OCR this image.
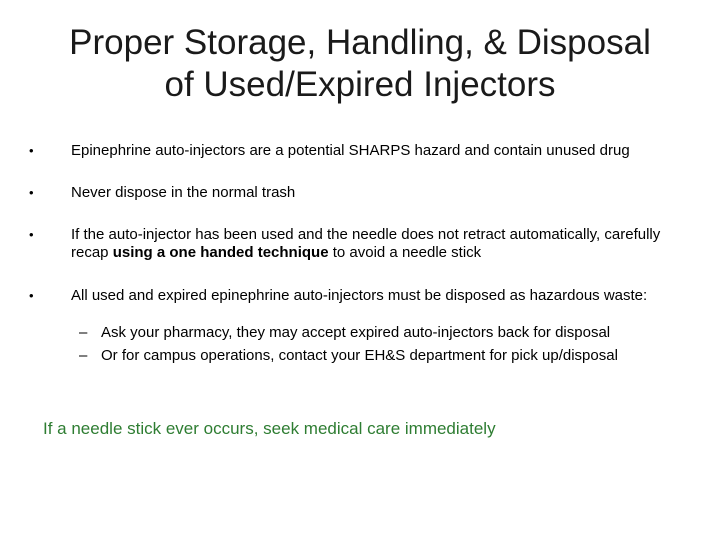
Proper Storage, Handling, & Disposal
of Used/Expired Injectors
• Epinephrine auto-injectors are a potential SHARPS hazard and contain unused drug
• Never dispose in the normal trash
• If the auto-injector has been used and the needle does not retract automatically, carefully recap using a one handed technique to avoid a needle stick
• All used and expired epinephrine auto-injectors must be disposed as hazardous waste:
– Ask your pharmacy, they may accept expired auto-injectors back for disposal
– Or for campus operations, contact your EH&S department for pick up/disposal
If a needle stick ever occurs, seek medical care immediately
